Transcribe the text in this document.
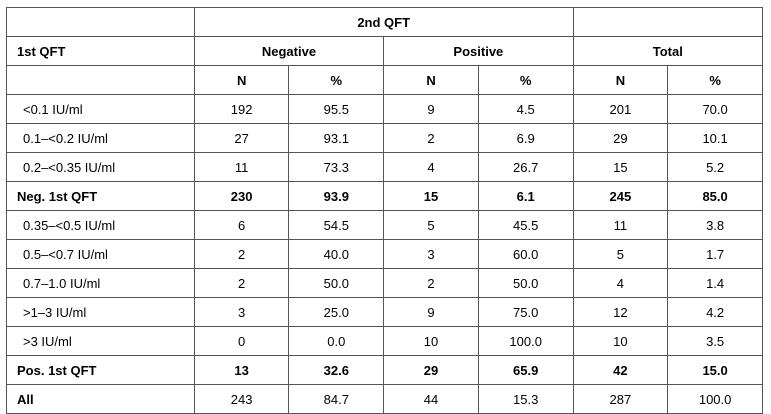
	2nd QFT					
1st QFT	Negative		Positive		Total	
	N	%	N	%	N	%
<0.1 IU/ml	192	95.5	9	4.5	201	70.0
0.1–<0.2 IU/ml	27	93.1	2	6.9	29	10.1
0.2–<0.35 IU/ml	11	73.3	4	26.7	15	5.2
Neg. 1st QFT	230	93.9	15	6.1	245	85.0
0.35–<0.5 IU/ml	6	54.5	5	45.5	11	3.8
0.5–<0.7 IU/ml	2	40.0	3	60.0	5	1.7
0.7–1.0 IU/ml	2	50.0	2	50.0	4	1.4
>1–3 IU/ml	3	25.0	9	75.0	12	4.2
>3 IU/ml	0	0.0	10	100.0	10	3.5
Pos. 1st QFT	13	32.6	29	65.9	42	15.0
All	243	84.7	44	15.3	287	100.0
